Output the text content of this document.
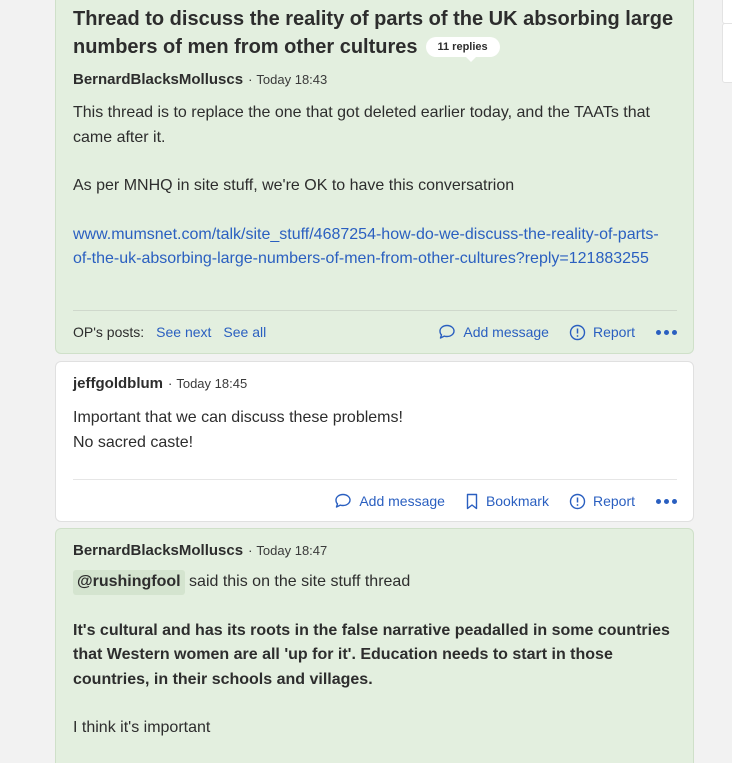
Thread to discuss the reality of parts of the UK absorbing large numbers of men from other cultures 11 replies
BernardBlacksMolluscs · Today 18:43

This thread is to replace the one that got deleted earlier today, and the TAATs that came after it.

As per MNHQ in site stuff, we're OK to have this conversatrion

www.mumsnet.com/talk/site_stuff/4687254-how-do-we-discuss-the-reality-of-parts-of-the-uk-absorbing-large-numbers-of-men-from-other-cultures?reply=121883255

OP's posts: See next See all	Add message	Report
jeffgoldblum · Today 18:45
Important that we can discuss these problems!
No sacred caste!
Add message	Bookmark	Report
BernardBlacksMolluscs · Today 18:47

@rushingfool said this on the site stuff thread

It's cultural and has its roots in the false narrative peadalled in some countries that Western women are all 'up for it'. Education needs to start in those countries, in their schools and villages.

I think it's important
